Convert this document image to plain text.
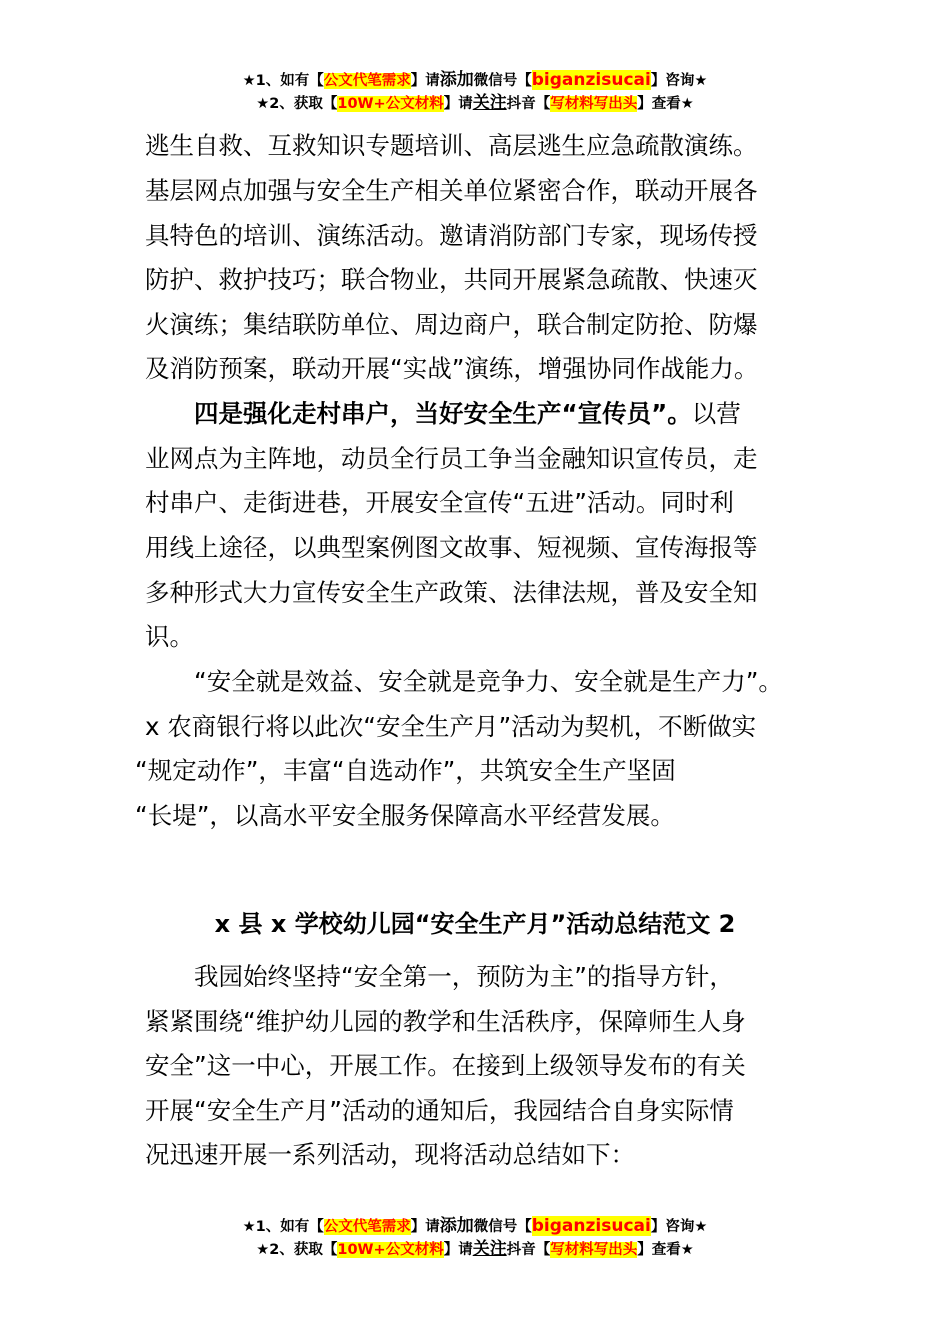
★1、如有【公文代笔需求】请添加微信号【biganzisucai】咨询★
★2、获取【10W+公文材料】请关注抖音【写材料写出头】查看★
逃生自救、互救知识专题培训、高层逃生应急疏散演练。
基层网点加强与安全生产相关单位紧密合作，联动开展各
具特色的培训、演练活动。邀请消防部门专家，现场传授
防护、救护技巧；联合物业，共同开展紧急疏散、快速灭
火演练；集结联防单位、周边商户，联合制定防抢、防爆
及消防预案，联动开展“实战”演练，增强协同作战能力。
四是强化走村串户，当好安全生产“宣传员”。以营
业网点为主阵地，动员全行员工争当金融知识宣传员，走
村串户、走街进巷，开展安全宣传“五进”活动。同时利
用线上途径，以典型案例图文故事、短视频、宣传海报等
多种形式大力宣传安全生产政策、法律法规，普及安全知
识。
“安全就是效益、安全就是竞争力、安全就是生产力”。
x 农商银行将以此次“安全生产月”活动为契机，不断做实
“规定动作”，丰富“自选动作”，共筑安全生产坚固
“长堤”，以高水平安全服务保障高水平经营发展。
x 县 x 学校幼儿园“安全生产月”活动总结范文 2
我园始终坚持“安全第一，预防为主”的指导方针，
紧紧围绕“维护幼儿园的教学和生活秩序，保障师生人身
安全”这一中心，开展工作。在接到上级领导发布的有关
开展“安全生产月”活动的通知后，我园结合自身实际情
况迅速开展一系列活动，现将活动总结如下：
★1、如有【公文代笔需求】请添加微信号【biganzisucai】咨询★
★2、获取【10W+公文材料】请关注抖音【写材料写出头】查看★
